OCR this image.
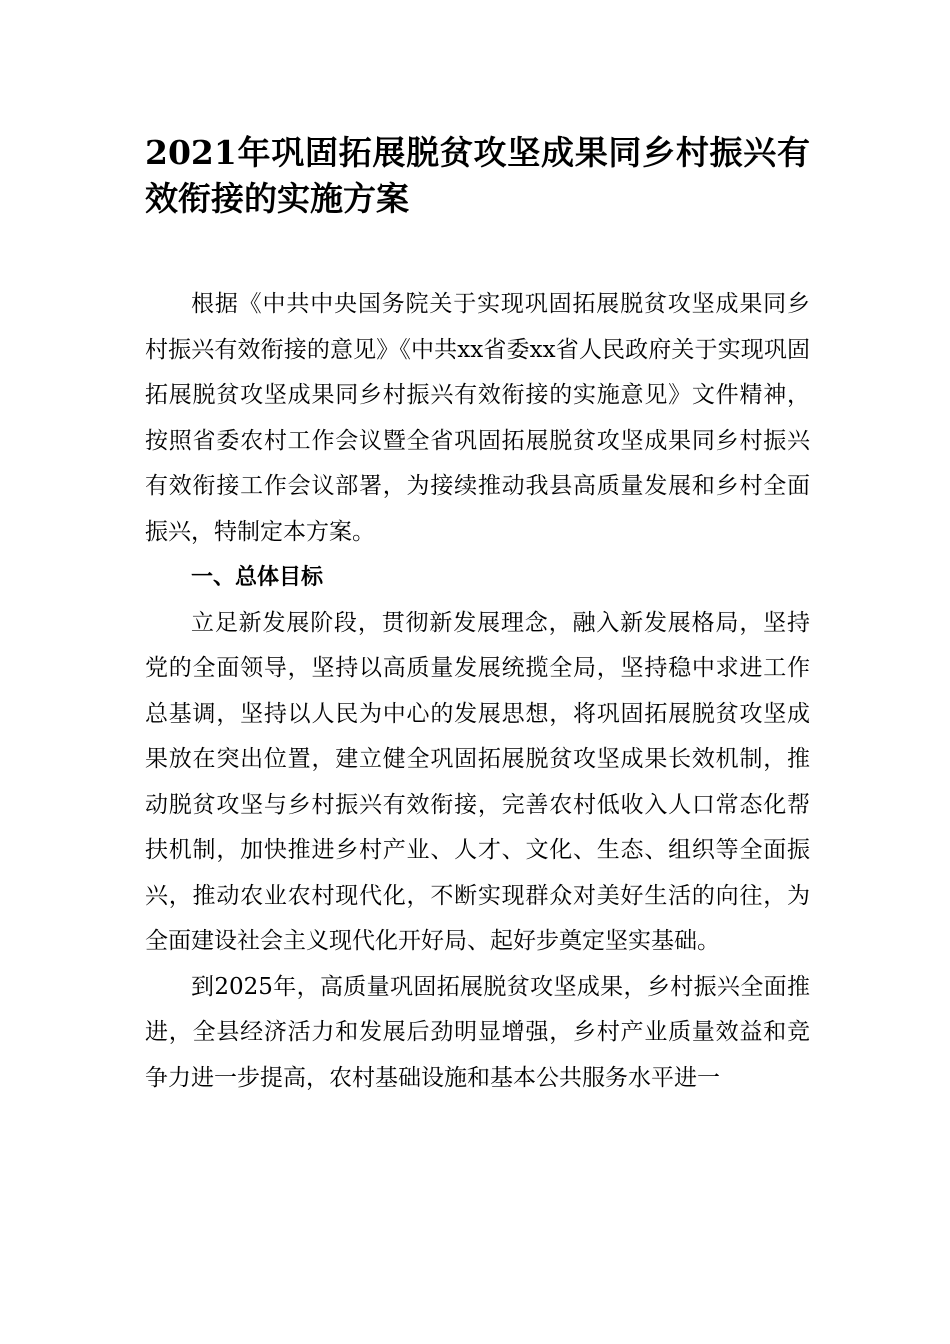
2021年巩固拓展脱贫攻坚成果同乡村振兴有效衔接的实施方案

根据《中共中央国务院关于实现巩固拓展脱贫攻坚成果同乡村振兴有效衔接的意见》《中共xx省委xx省人民政府关于实现巩固拓展脱贫攻坚成果同乡村振兴有效衔接的实施意见》文件精神，按照省委农村工作会议暨全省巩固拓展脱贫攻坚成果同乡村振兴有效衔接工作会议部署，为接续推动我县高质量发展和乡村全面振兴，特制定本方案。

一、总体目标

立足新发展阶段，贯彻新发展理念，融入新发展格局，坚持党的全面领导，坚持以高质量发展统揽全局，坚持稳中求进工作总基调，坚持以人民为中心的发展思想，将巩固拓展脱贫攻坚成果放在突出位置，建立健全巩固拓展脱贫攻坚成果长效机制，推动脱贫攻坚与乡村振兴有效衔接，完善农村低收入人口常态化帮扶机制，加快推进乡村产业、人才、文化、生态、组织等全面振兴，推动农业农村现代化，不断实现群众对美好生活的向往，为全面建设社会主义现代化开好局、起好步奠定坚实基础。

到2025年，高质量巩固拓展脱贫攻坚成果，乡村振兴全面推进，全县经济活力和发展后劲明显增强，乡村产业质量效益和竞争力进一步提高，农村基础设施和基本公共服务水平进一
